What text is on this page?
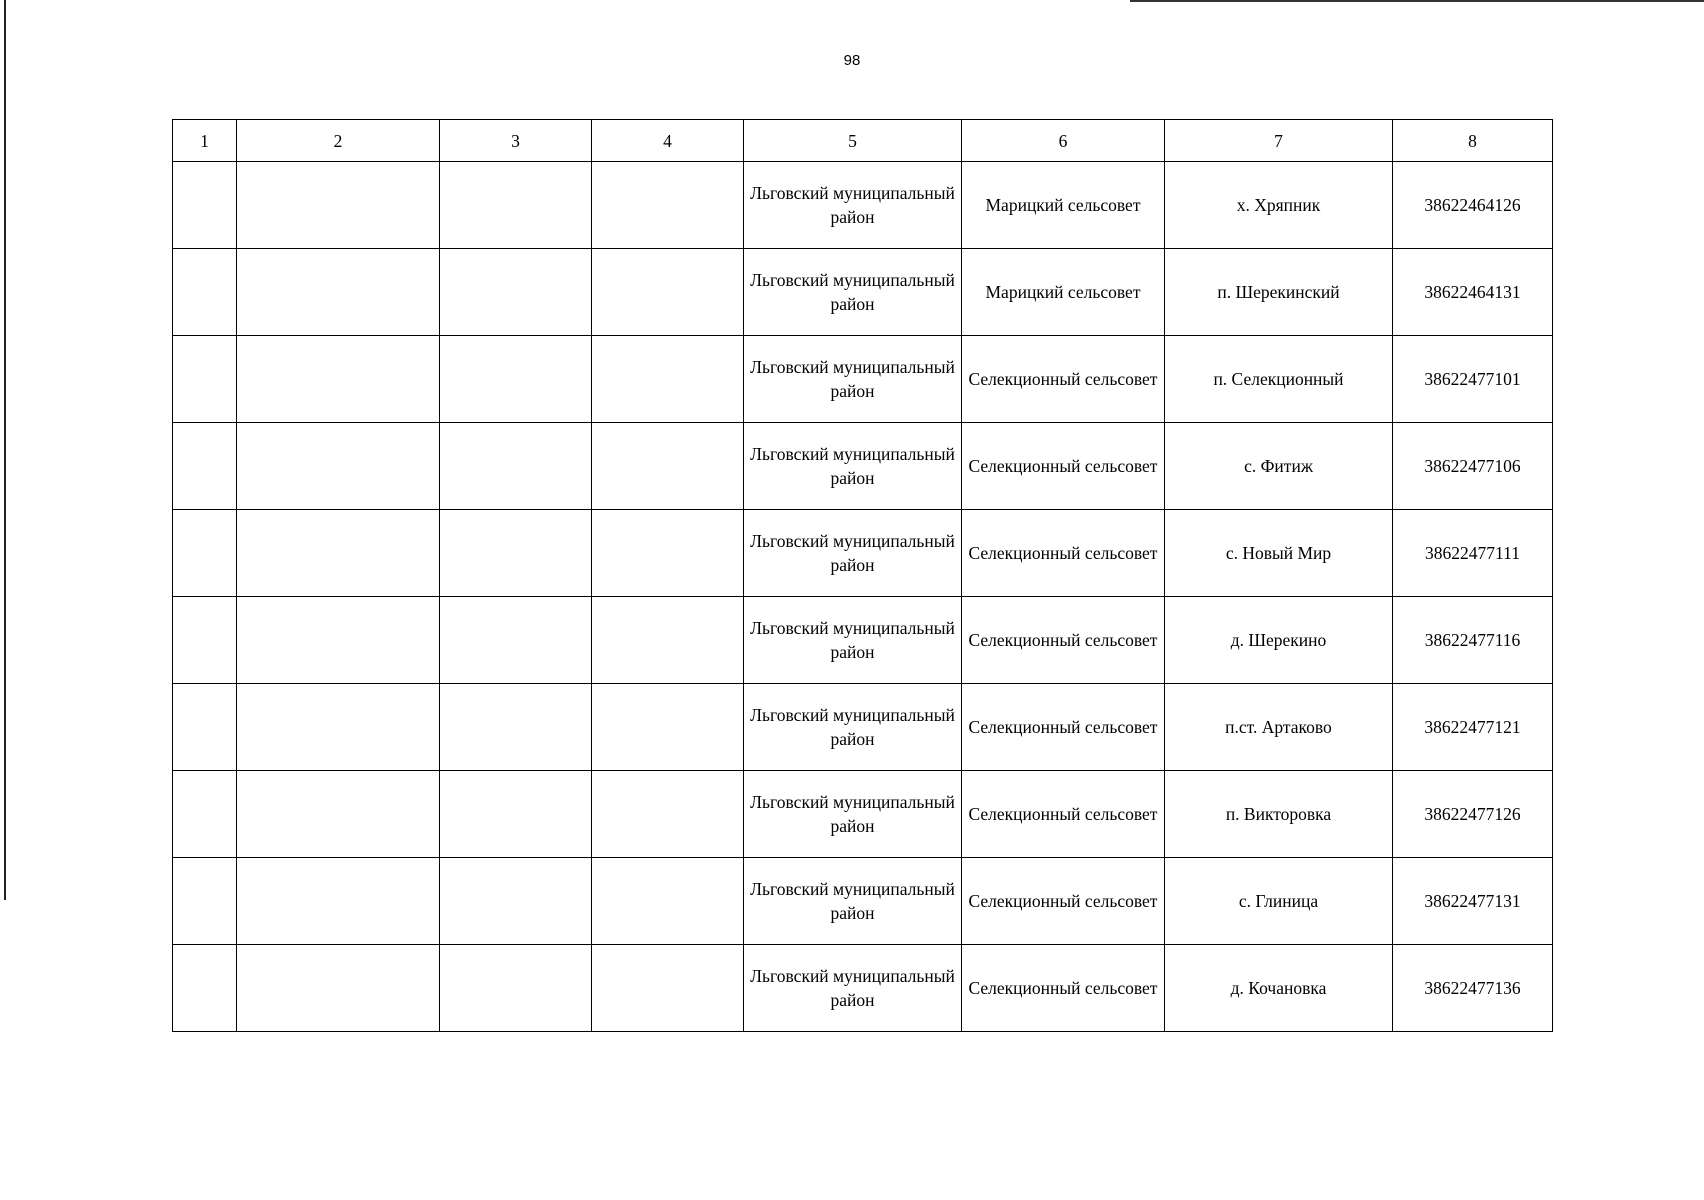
98
1	2	3	4	5	6	7	8
				Льговский муниципальный район	Марицкий сельсовет	х. Хряпник	38622464126
				Льговский муниципальный район	Марицкий сельсовет	п. Шерекинский	38622464131
				Льговский муниципальный район	Селекционный сельсовет	п. Селекционный	38622477101
				Льговский муниципальный район	Селекционный сельсовет	с. Фитиж	38622477106
				Льговский муниципальный район	Селекционный сельсовет	с. Новый Мир	38622477111
				Льговский муниципальный район	Селекционный сельсовет	д. Шерекино	38622477116
				Льговский муниципальный район	Селекционный сельсовет	п.ст. Артаково	38622477121
				Льговский муниципальный район	Селекционный сельсовет	п. Викторовка	38622477126
				Льговский муниципальный район	Селекционный сельсовет	с. Глиница	38622477131
				Льговский муниципальный район	Селекционный сельсовет	д. Кочановка	38622477136
